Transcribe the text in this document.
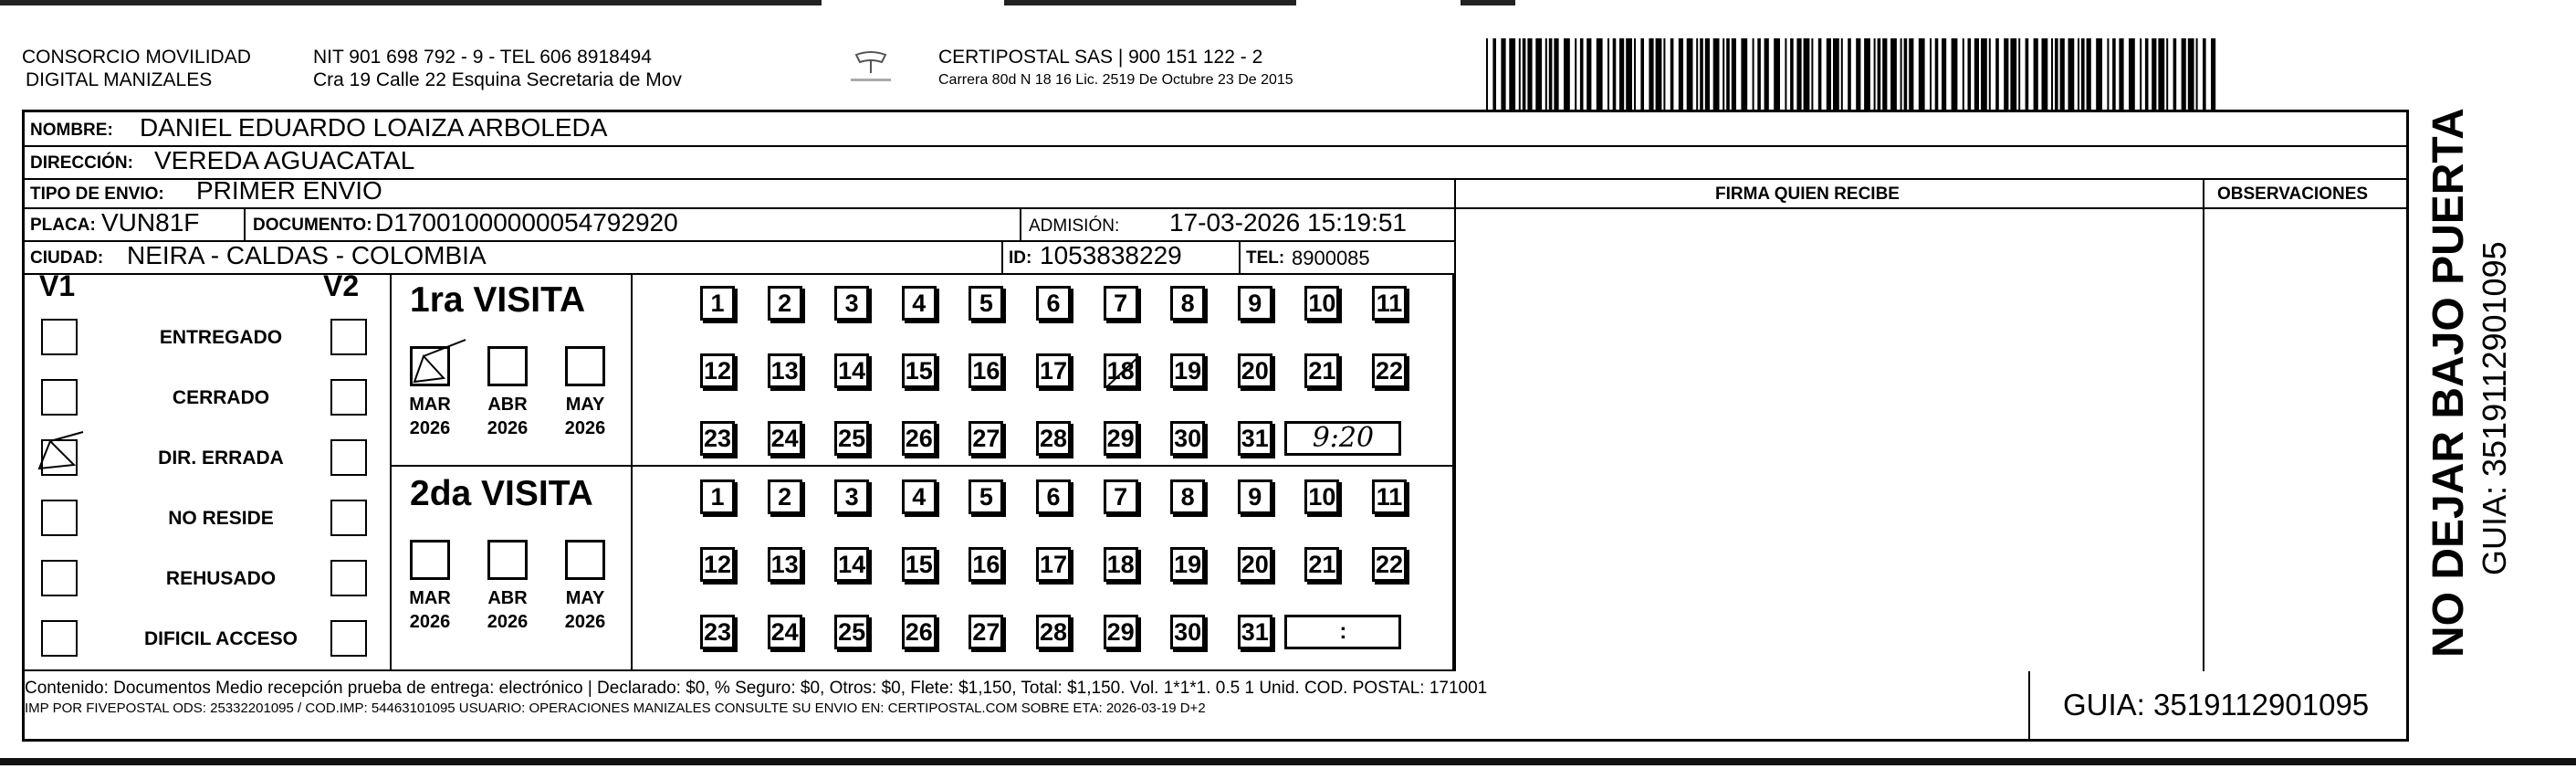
CONSORCIO MOVILIDAD
DIGITAL MANIZALES
NIT 901 698 792 - 9 - TEL 606 8918494
Cra 19 Calle 22 Esquina Secretaria de Mov
CERTIPOSTAL SAS | 900 151 122 - 2
Carrera 80d N 18 16 Lic. 2519 De Octubre 23 De 2015
NOMBRE: DANIEL EDUARDO LOAIZA ARBOLEDA
DIRECCIÓN: VEREDA AGUACATAL
TIPO DE ENVIO: PRIMER ENVIO
PLACA: VUN81F	DOCUMENTO: D17001000000054792920	ADMISIÓN: 17-03-2026 15:19:51
CIUDAD: NEIRA - CALDAS - COLOMBIA	ID: 1053838229	TEL: 8900085
FIRMA QUIEN RECIBE	OBSERVACIONES
V1	V2
ENTREGADO
CERRADO
DIR. ERRADA
NO RESIDE
REHUSADO
DIFICIL ACCESO
1ra VISITA
MAR
2026
ABR
2026
MAY
2026
1	2	3	4	5	6	7	8	9	10 11
12 13 14 15 16 17 18 19 20 21 22
23 24 25 26 27 28 29 30 31	9:20
2da VISITA
MAR
2026
ABR
2026
MAY
2026
1	2	3	4	5	6	7	8	9	10 11
12 13 14 15 16 17 18 19 20 21 22
23 24 25 26 27 28 29 30 31	:
Contenido: Documentos Medio recepción prueba de entrega: electrónico | Declarado: $0, % Seguro: $0, Otros: $0, Flete: $1,150, Total: $1,150. Vol. 1*1*1. 0.5 1 Unid. COD. POSTAL: 171001
IMP POR FIVEPOSTAL ODS: 25332201095 / COD.IMP: 54463101095 USUARIO: OPERACIONES MANIZALES CONSULTE SU ENVIO EN: CERTIPOSTAL.COM SOBRE ETA: 2026-03-19 D+2	GUIA: 3519112901095
NO DEJAR BAJO PUERTA GUIA: 3519112901095
